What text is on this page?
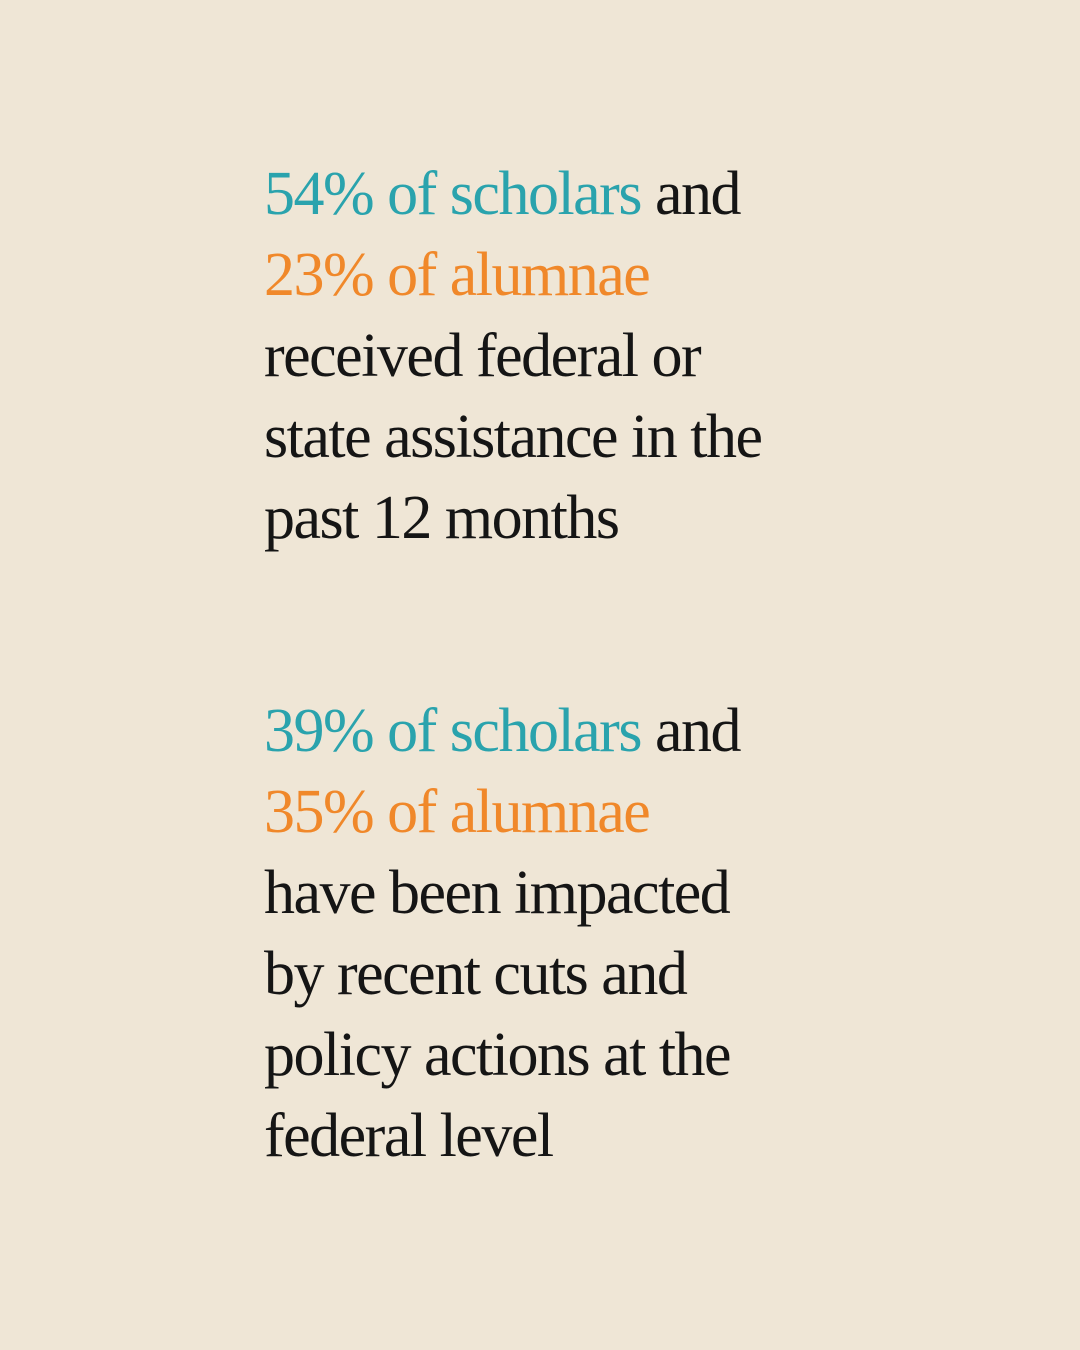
54% of scholars and
23% of alumnae
received federal or
state assistance in the
past 12 months
39% of scholars and
35% of alumnae
have been impacted
by recent cuts and
policy actions at the
federal level
